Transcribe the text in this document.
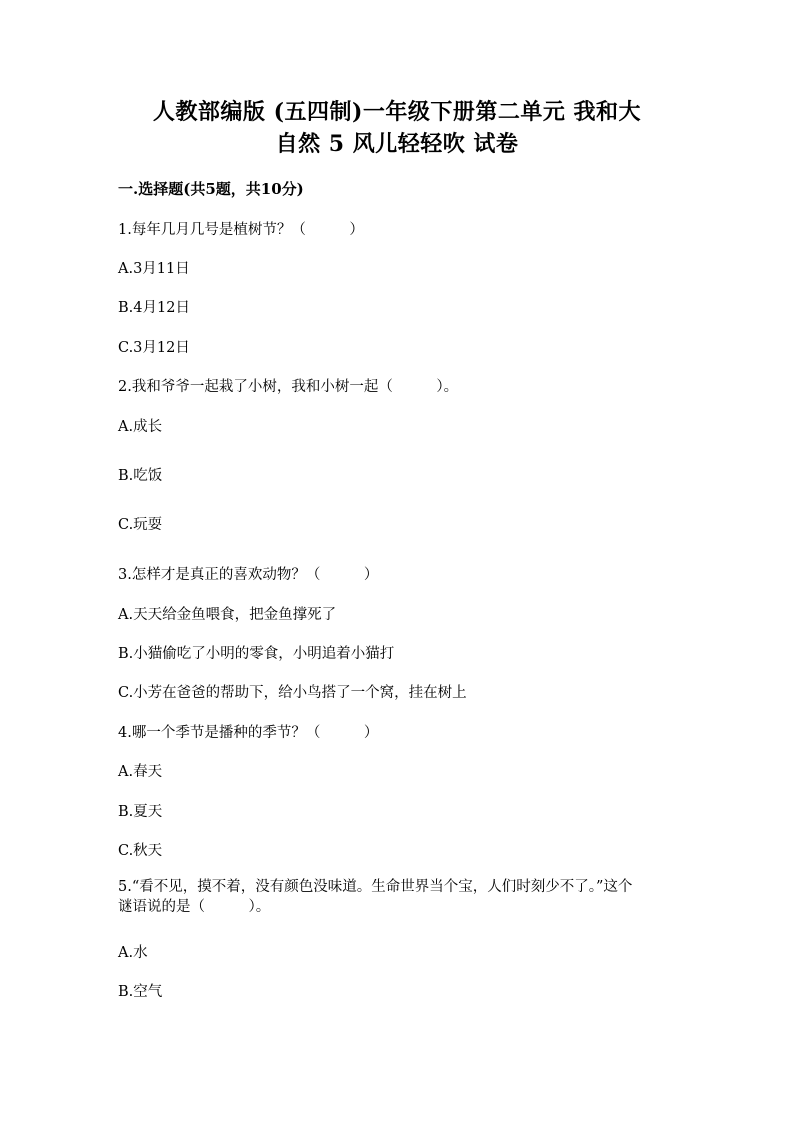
人教部编版 (五四制)一年级下册第二单元 我和大
自然 5 风儿轻轻吹 试卷
一.选择题(共5题，共10分)
1.每年几月几号是植树节？（　　　）
A.3月11日
B.4月12日
C.3月12日
2.我和爷爷一起栽了小树，我和小树一起（　　　）。
A.成长
B.吃饭
C.玩耍
3.怎样才是真正的喜欢动物？（　　　）
A.天天给金鱼喂食，把金鱼撑死了
B.小猫偷吃了小明的零食，小明追着小猫打
C.小芳在爸爸的帮助下，给小鸟搭了一个窝，挂在树上
4.哪一个季节是播种的季节？（　　　）
A.春天
B.夏天
C.秋天
5.“看不见，摸不着，没有颜色没味道。生命世界当个宝，人们时刻少不了。”这个谜语说的是（　　　）。
A.水
B.空气
